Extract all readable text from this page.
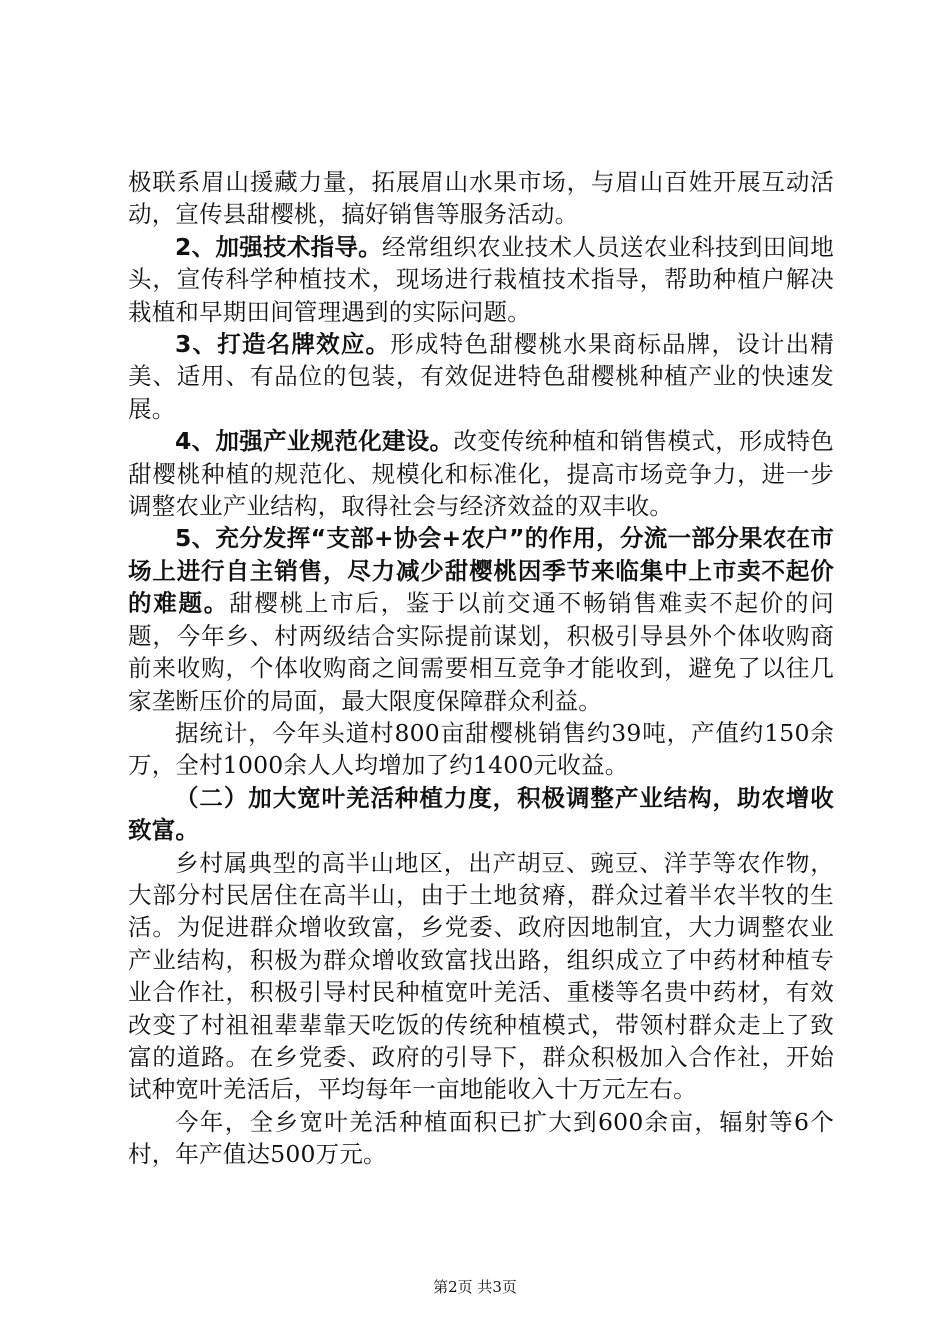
极联系眉山援藏力量，拓展眉山水果市场，与眉山百姓开展互动活动，宣传县甜樱桃，搞好销售等服务活动。

2、加强技术指导。经常组织农业技术人员送农业科技到田间地头，宣传科学种植技术，现场进行栽植技术指导，帮助种植户解决栽植和早期田间管理遇到的实际问题。

3、打造名牌效应。形成特色甜樱桃水果商标品牌，设计出精美、适用、有品位的包装，有效促进特色甜樱桃种植产业的快速发展。

4、加强产业规范化建设。改变传统种植和销售模式，形成特色甜樱桃种植的规范化、规模化和标准化，提高市场竞争力，进一步调整农业产业结构，取得社会与经济效益的双丰收。

5、充分发挥“支部+协会+农户”的作用，分流一部分果农在市场上进行自主销售，尽力减少甜樱桃因季节来临集中上市卖不起价的难题。甜樱桃上市后，鉴于以前交通不畅销售难卖不起价的问题，今年乡、村两级结合实际提前谋划，积极引导县外个体收购商前来收购，个体收购商之间需要相互竞争才能收到，避免了以往几家垄断压价的局面，最大限度保障群众利益。

据统计，今年头道村800亩甜樱桃销售约39吨，产值约150余万，全村1000余人人均增加了约1400元收益。

（二）加大宽叶羌活种植力度，积极调整产业结构，助农增收致富。

乡村属典型的高半山地区，出产胡豆、豌豆、洋芋等农作物，大部分村民居住在高半山，由于土地贫瘠，群众过着半农半牧的生活。为促进群众增收致富，乡党委、政府因地制宜，大力调整农业产业结构，积极为群众增收致富找出路，组织成立了中药材种植专业合作社，积极引导村民种植宽叶羌活、重楼等名贵中药材，有效改变了村祖祖辈辈靠天吃饭的传统种植模式，带领村群众走上了致富的道路。在乡党委、政府的引导下，群众积极加入合作社，开始试种宽叶羌活后，平均每年一亩地能收入十万元左右。

今年，全乡宽叶羌活种植面积已扩大到600余亩，辐射等6个村，年产值达500万元。

第2页 共3页
